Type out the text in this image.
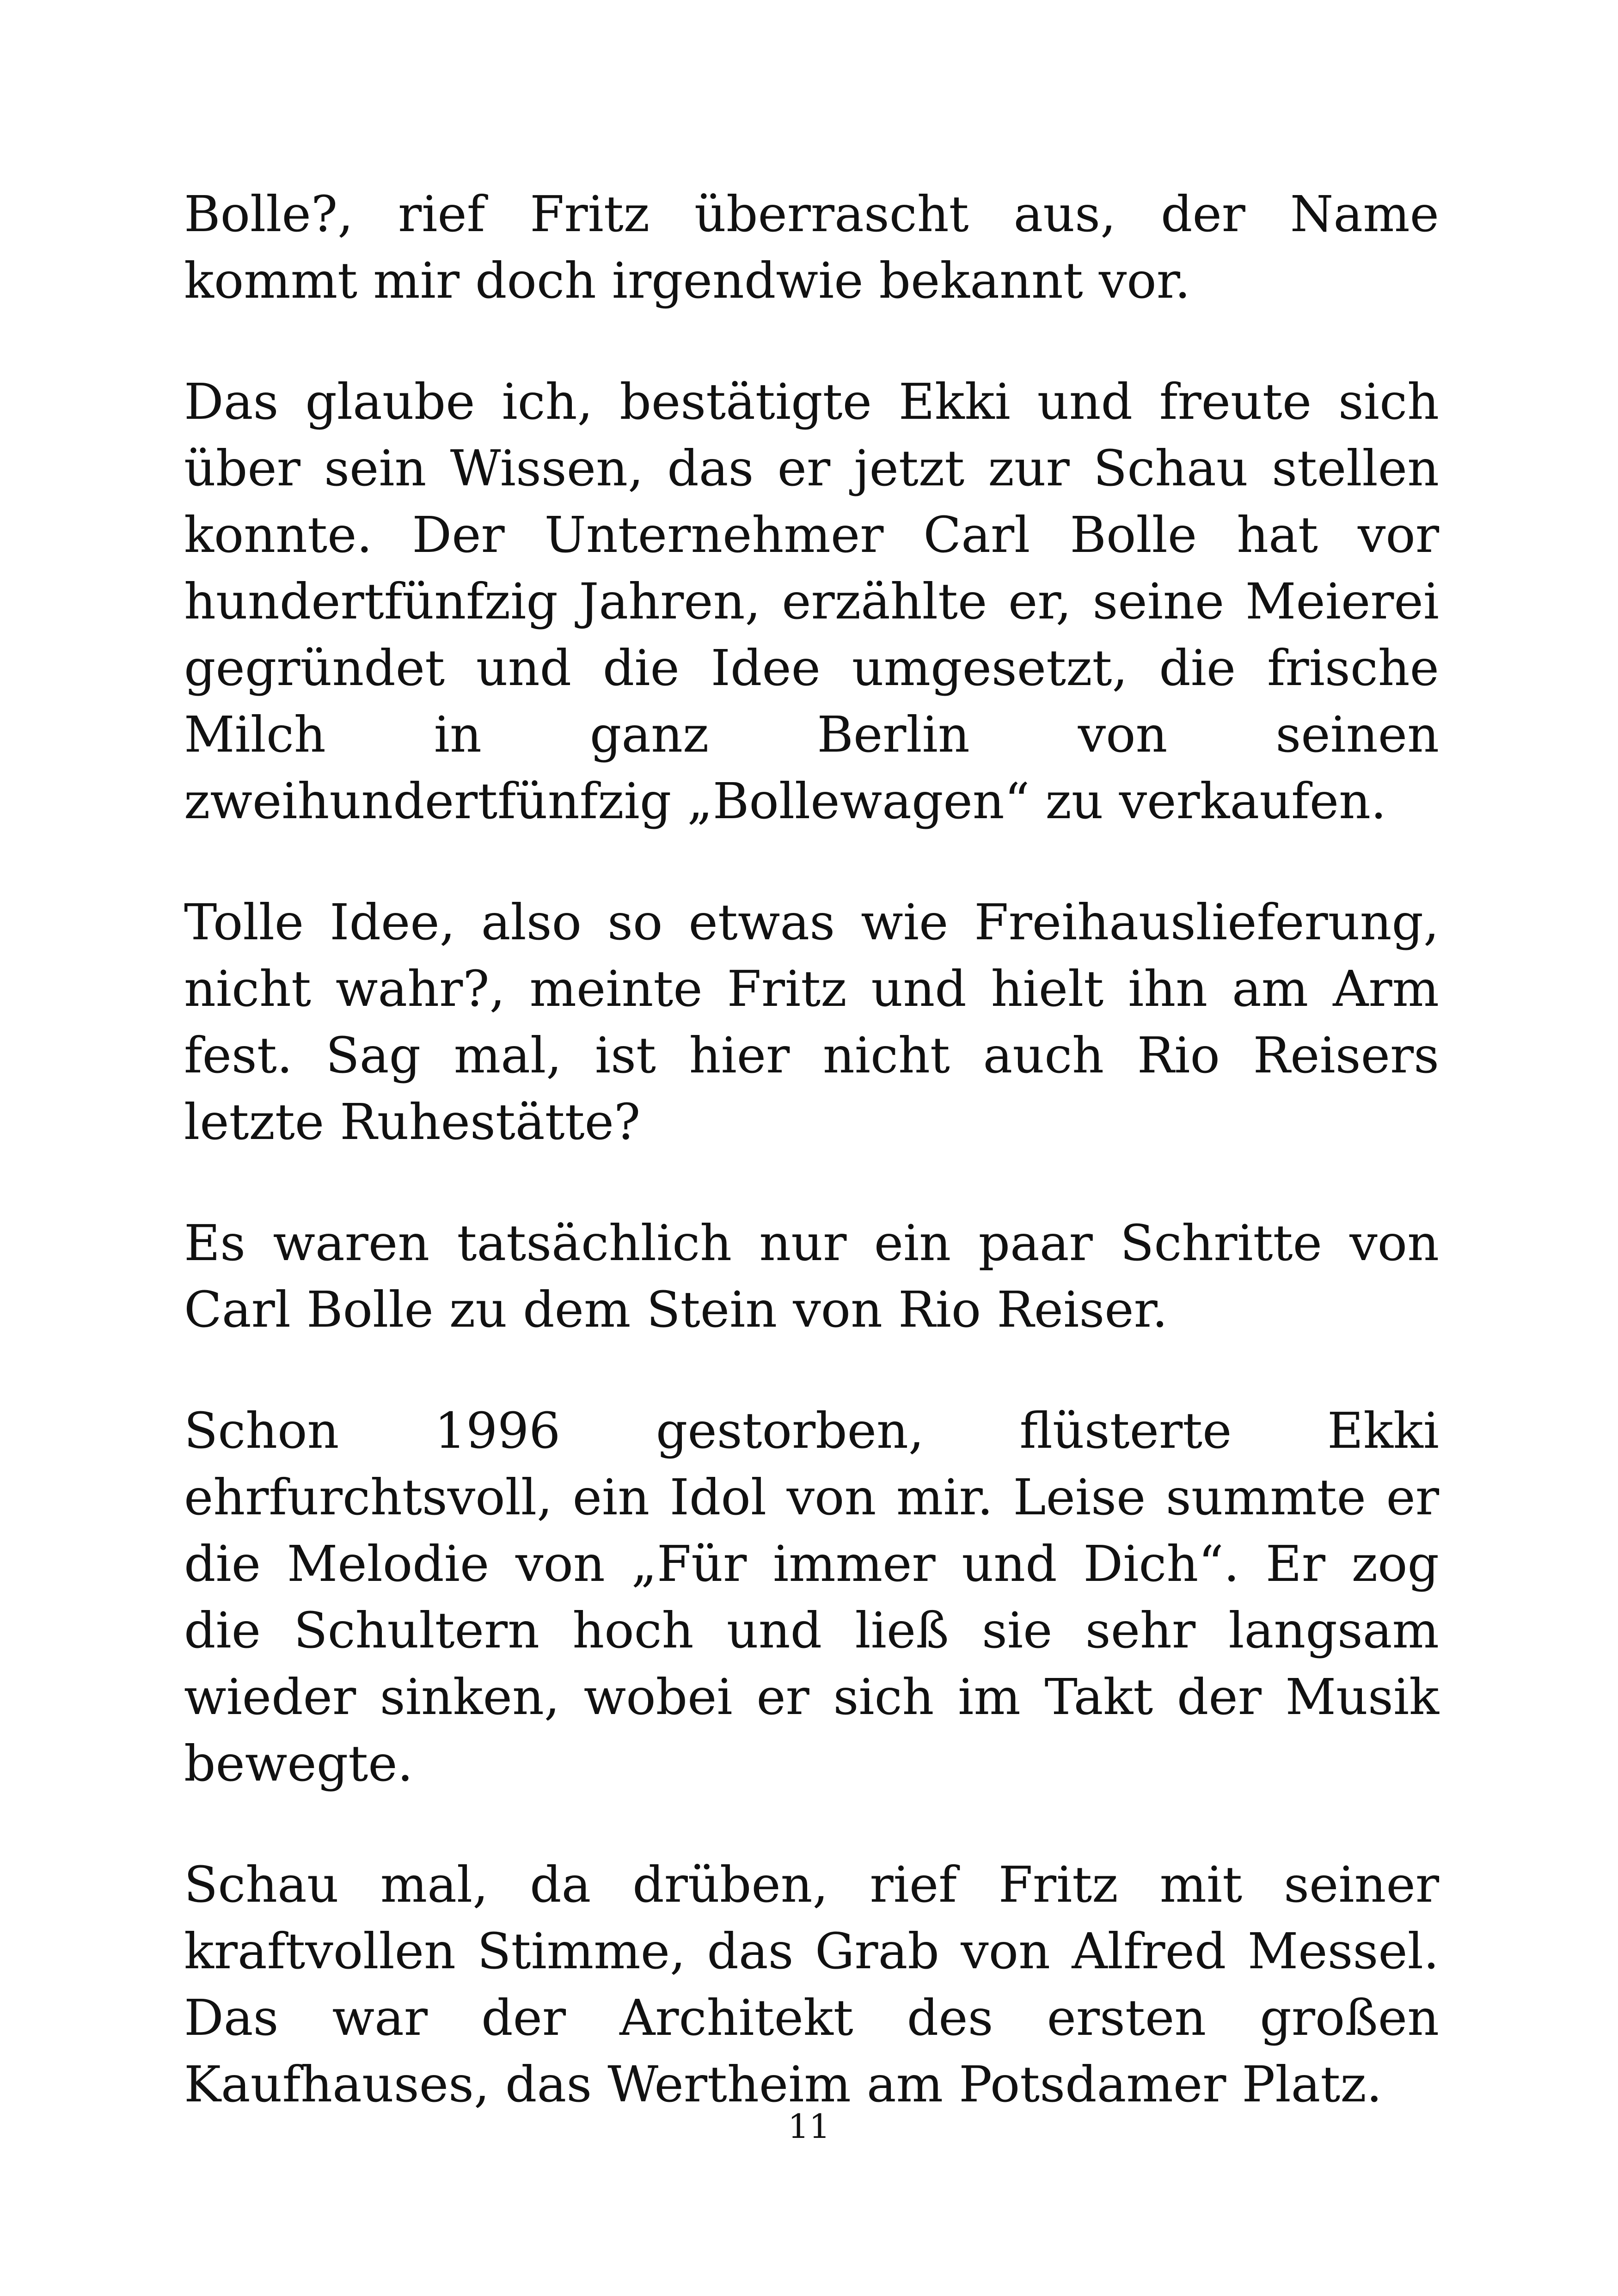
Bolle?, rief Fritz überrascht aus, der Name kommt mir doch irgendwie bekannt vor.

Das glaube ich, bestätigte Ekki und freute sich über sein Wissen, das er jetzt zur Schau stellen konnte. Der Unternehmer Carl Bolle hat vor hundertfünfzig Jahren, erzählte er, seine Meierei gegründet und die Idee umgesetzt, die frische Milch in ganz Berlin von seinen zweihundertfünfzig „Bollewagen“ zu verkaufen.

Tolle Idee, also so etwas wie Freihauslieferung, nicht wahr?, meinte Fritz und hielt ihn am Arm fest. Sag mal, ist hier nicht auch Rio Reisers letzte Ruhestätte?

Es waren tatsächlich nur ein paar Schritte von Carl Bolle zu dem Stein von Rio Reiser.

Schon 1996 gestorben, flüsterte Ekki ehrfurchtsvoll, ein Idol von mir. Leise summte er die Melodie von „Für immer und Dich“. Er zog die Schultern hoch und ließ sie sehr langsam wieder sinken, wobei er sich im Takt der Musik bewegte.

Schau mal, da drüben, rief Fritz mit seiner kraftvollen Stimme, das Grab von Alfred Messel. Das war der Architekt des ersten großen Kaufhauses, das Wertheim am Potsdamer Platz.

11
